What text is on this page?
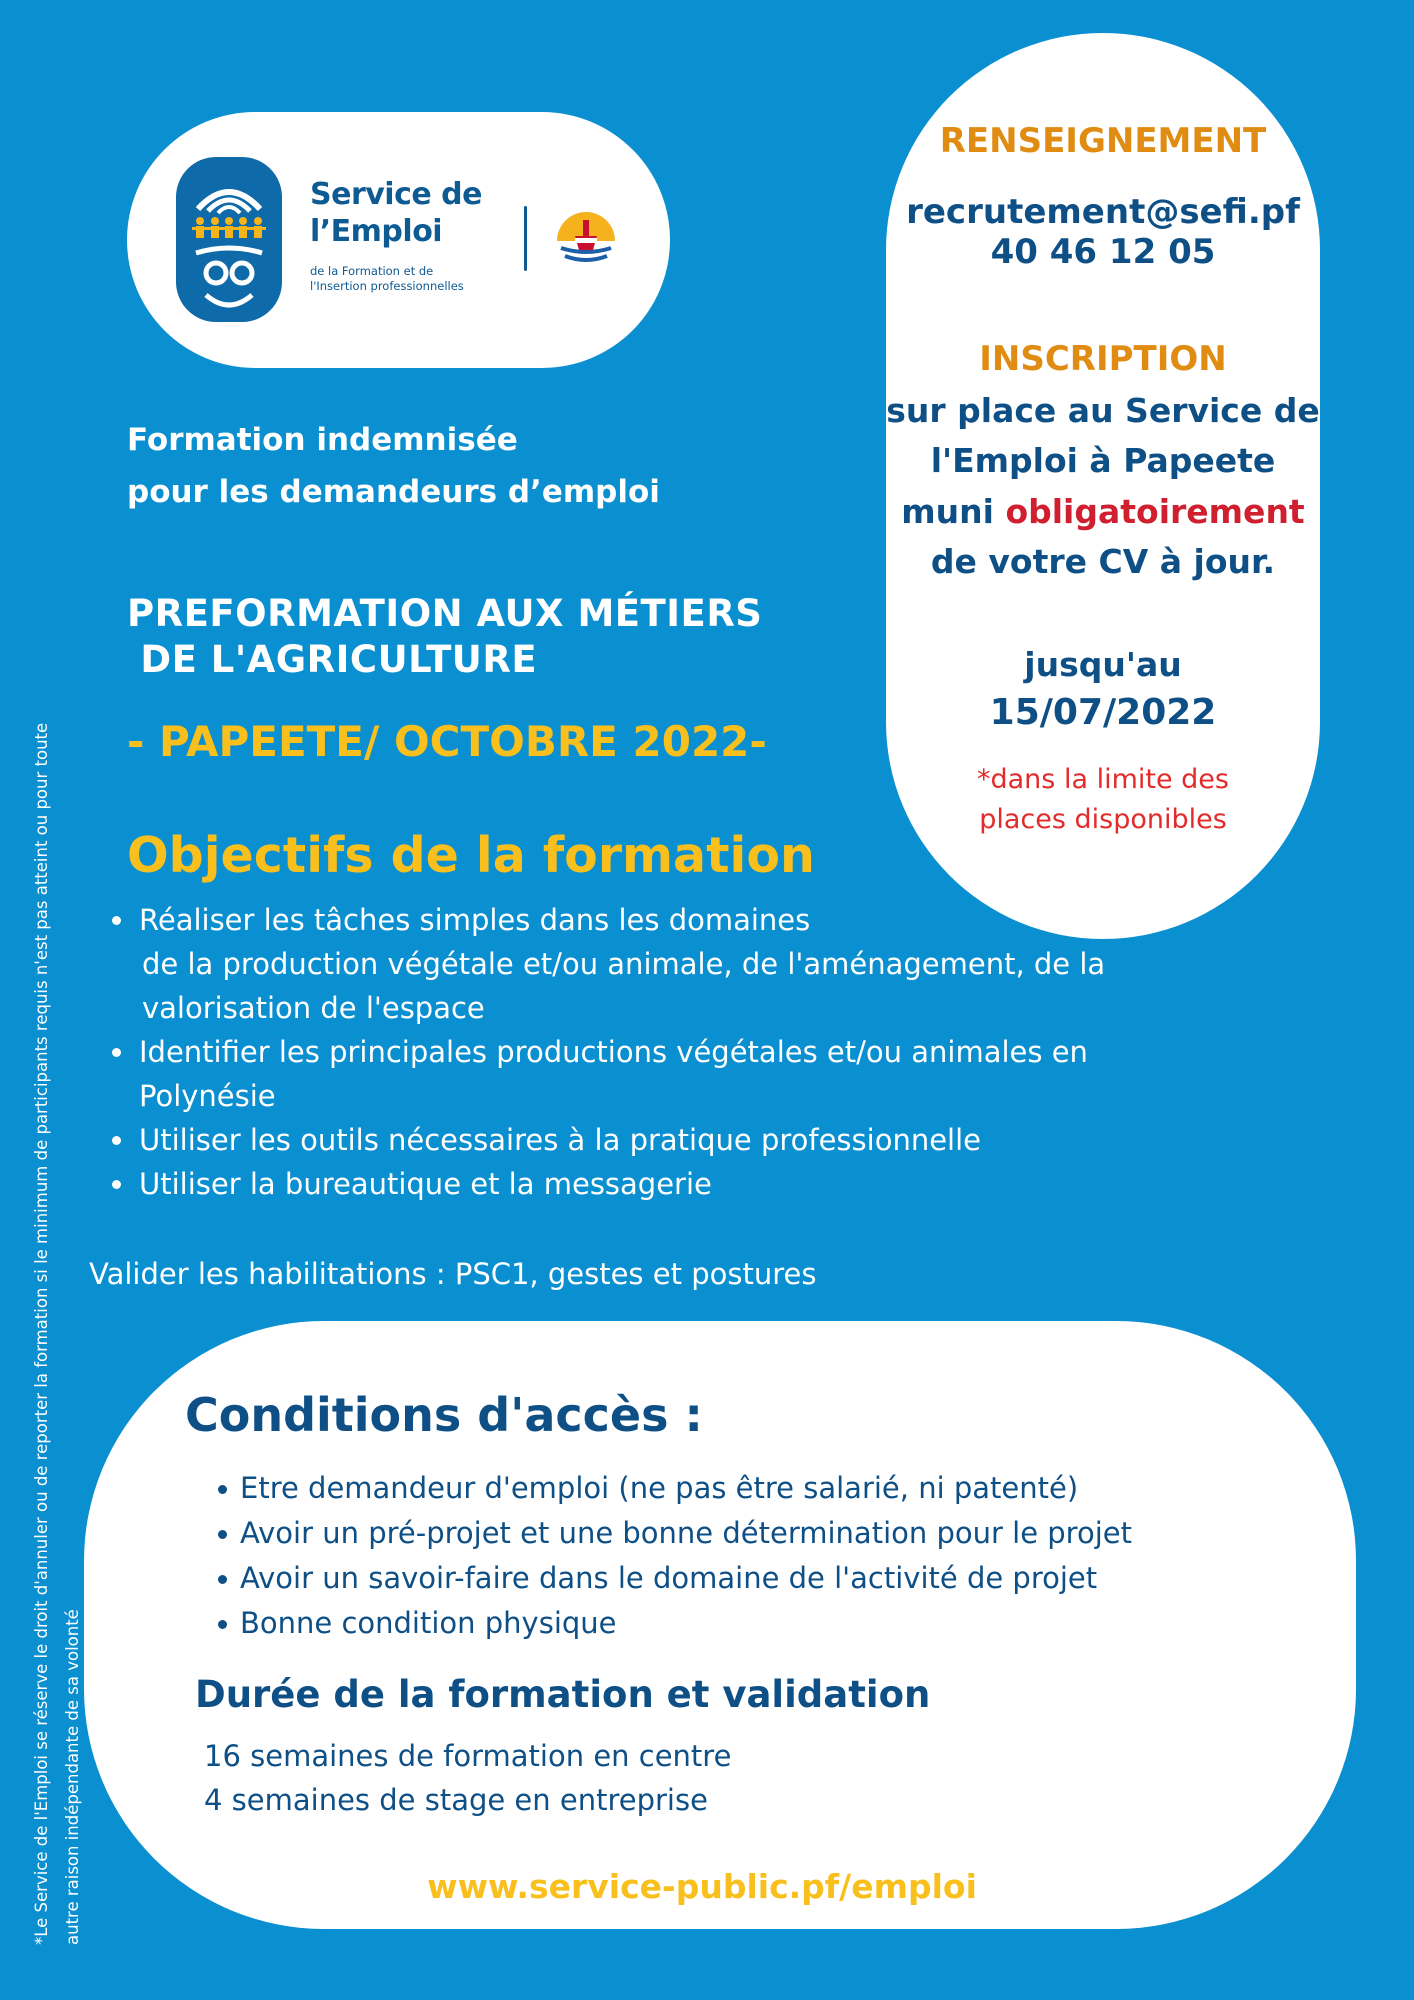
Service de
l’Emploi
de la Formation et de
l'Insertion professionnelles
RENSEIGNEMENT
recrutement@sefi.pf
40 46 12 05
INSCRIPTION
sur place au Service de
l'Emploi à Papeete
muni obligatoirement
de votre CV à jour.
jusqu'au
15/07/2022
*dans la limite des
places disponibles
Formation indemnisée
pour les demandeurs d’emploi
PREFORMATION AUX MÉTIERS
DE L'AGRICULTURE
- PAPEETE/ OCTOBRE 2022-
Objectifs de la formation
Réaliser les tâches simples dans les domaines
de la production végétale et/ou animale, de l'aménagement, de la
valorisation de l'espace
Identifier les principales productions végétales et/ou animales en
Polynésie
Utiliser les outils nécessaires à la pratique professionnelle
Utiliser la bureautique et la messagerie
Valider les habilitations : PSC1, gestes et postures
Conditions d'accès :
Etre demandeur d'emploi (ne pas être salarié, ni patenté)
Avoir un pré-projet et une bonne détermination pour le projet
Avoir un savoir-faire dans le domaine de l'activité de projet
Bonne condition physique
Durée de la formation et validation
16 semaines de formation en centre
4 semaines de stage en entreprise
www.service-public.pf/emploi
*Le Service de l'Emploi se réserve le droit d'annuler ou de reporter la formation si le minimum de participants requis n'est pas atteint ou pour toute autre raison indépendante de sa volonté
